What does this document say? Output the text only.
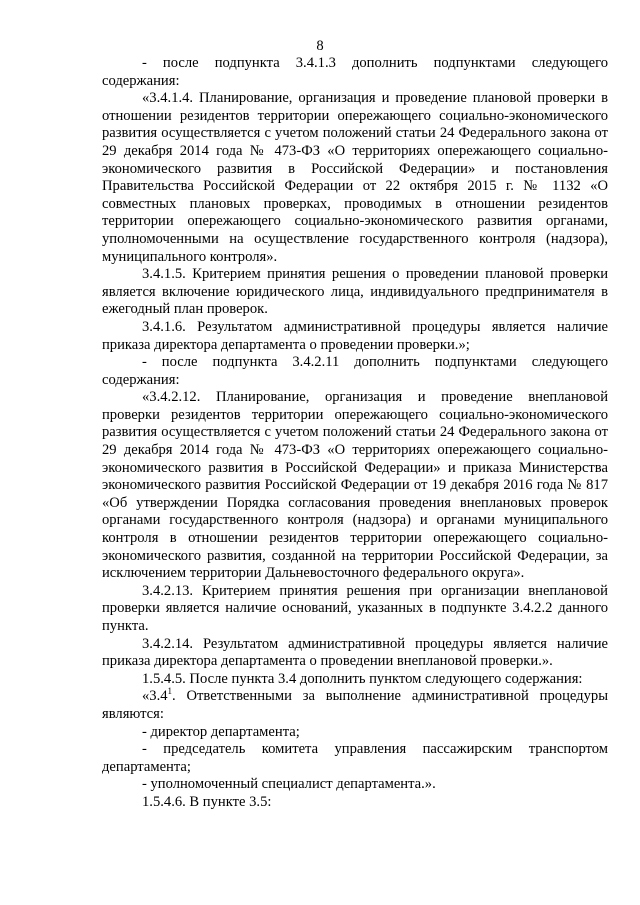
8

- после подпункта 3.4.1.3 дополнить подпунктами следующего содержания:

«3.4.1.4. Планирование, организация и проведение плановой проверки в отношении резидентов территории опережающего социально-экономического развития осуществляется с учетом положений статьи 24 Федерального закона от 29 декабря 2014 года № 473-ФЗ «О территориях опережающего социально-экономического развития в Российской Федерации» и постановления Правительства Российской Федерации от 22 октября 2015 г. № 1132 «О совместных плановых проверках, проводимых в отношении резидентов территории опережающего социально-экономического развития органами, уполномоченными на осуществление государственного контроля (надзора), муниципального контроля».

3.4.1.5. Критерием принятия решения о проведении плановой проверки является включение юридического лица, индивидуального предпринимателя в ежегодный план проверок.

3.4.1.6. Результатом административной процедуры является наличие приказа директора департамента о проведении проверки.»;

- после подпункта 3.4.2.11 дополнить подпунктами следующего содержания:

«3.4.2.12. Планирование, организация и проведение внеплановой проверки резидентов территории опережающего социально-экономического развития осуществляется с учетом положений статьи 24 Федерального закона от 29 декабря 2014 года № 473-ФЗ «О территориях опережающего социально-экономического развития в Российской Федерации» и приказа Министерства экономического развития Российской Федерации от 19 декабря 2016 года № 817 «Об утверждении Порядка согласования проведения внеплановых проверок органами государственного контроля (надзора) и органами муниципального контроля в отношении резидентов территории опережающего социально-экономического развития, созданной на территории Российской Федерации, за исключением территории Дальневосточного федерального округа».

3.4.2.13. Критерием принятия решения при организации внеплановой проверки является наличие оснований, указанных в подпункте 3.4.2.2 данного пункта.

3.4.2.14. Результатом административной процедуры является наличие приказа директора департамента о проведении внеплановой проверки.».

1.5.4.5. После пункта 3.4 дополнить пунктом следующего содержания:

«$3.4^1$. Ответственными за выполнение административной процедуры являются:

- директор департамента;

- председатель комитета управления пассажирским транспортом департамента;

- уполномоченный специалист департамента.».

1.5.4.6. В пункте 3.5:
